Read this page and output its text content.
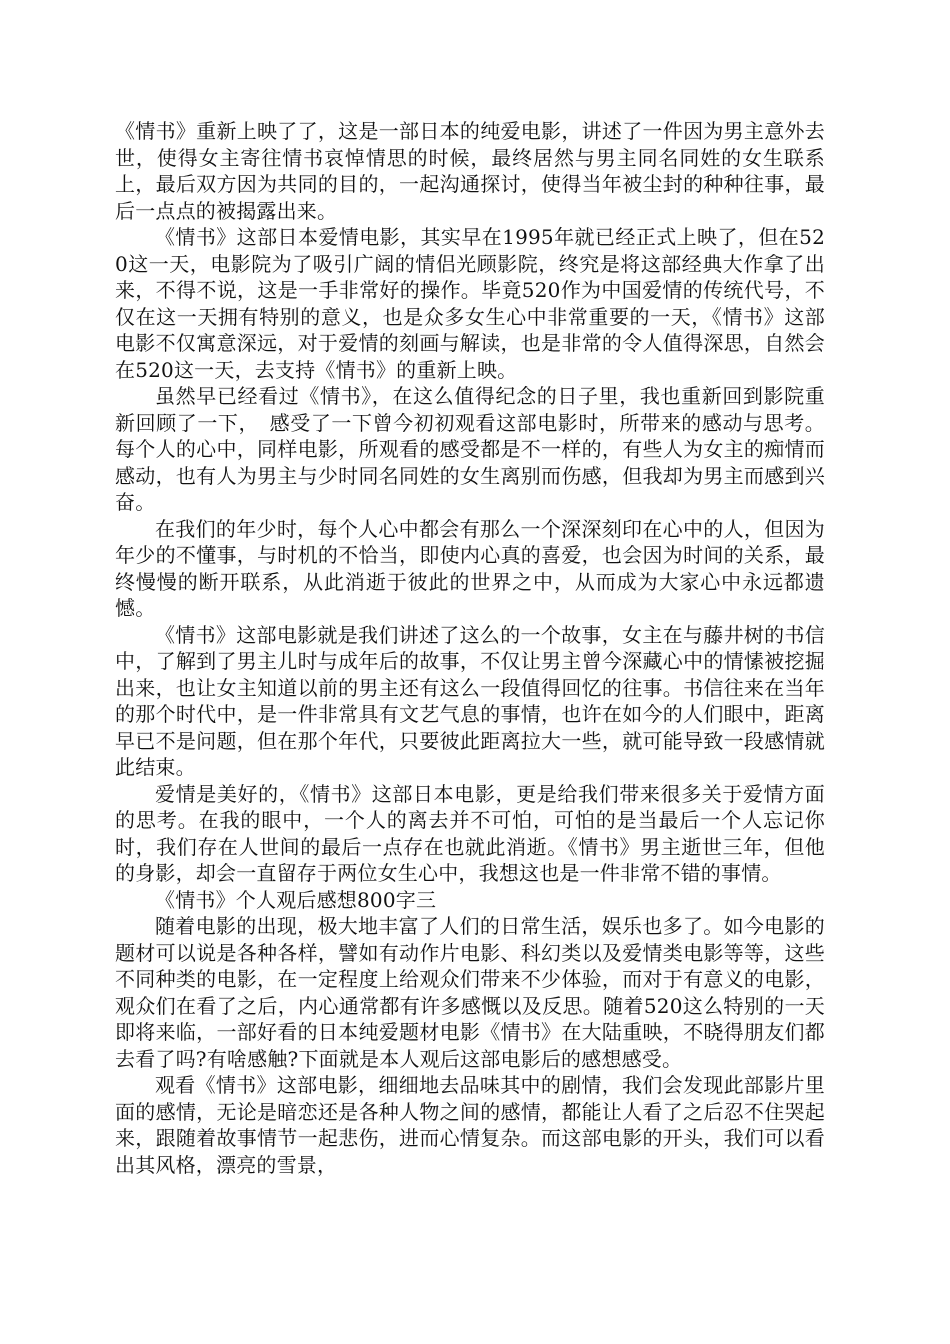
《情书》重新上映了了，这是一部日本的纯爱电影，讲述了一件因为男主意外去世，使得女主寄往情书哀悼情思的时候，最终居然与男主同名同姓的女生联系上，最后双方因为共同的目的，一起沟通探讨，使得当年被尘封的种种往事，最后一点点的被揭露出来。

《情书》这部日本爱情电影，其实早在1995年就已经正式上映了，但在520这一天，电影院为了吸引广阔的情侣光顾影院，终究是将这部经典大作拿了出来，不得不说，这是一手非常好的操作。毕竟520作为中国爱情的传统代号，不仅在这一天拥有特别的意义，也是众多女生心中非常重要的一天，《情书》这部电影不仅寓意深远，对于爱情的刻画与解读，也是非常的令人值得深思，自然会在520这一天，去支持《情书》的重新上映。

虽然早已经看过《情书》，在这么值得纪念的日子里，我也重新回到影院重新回顾了一下，　感受了一下曾今初初观看这部电影时，所带来的感动与思考。每个人的心中，同样电影，所观看的感受都是不一样的，有些人为女主的痴情而感动，也有人为男主与少时同名同姓的女生离别而伤感，但我却为男主而感到兴奋。

在我们的年少时，每个人心中都会有那么一个深深刻印在心中的人，但因为年少的不懂事，与时机的不恰当，即使内心真的喜爱，也会因为时间的关系，最终慢慢的断开联系，从此消逝于彼此的世界之中，从而成为大家心中永远都遗憾。

《情书》这部电影就是我们讲述了这么的一个故事，女主在与藤井树的书信中，了解到了男主儿时与成年后的故事，不仅让男主曾今深藏心中的情愫被挖掘出来，也让女主知道以前的男主还有这么一段值得回忆的往事。书信往来在当年的那个时代中，是一件非常具有文艺气息的事情，也许在如今的人们眼中，距离早已不是问题，但在那个年代，只要彼此距离拉大一些，就可能导致一段感情就此结束。

爱情是美好的，《情书》这部日本电影，更是给我们带来很多关于爱情方面的思考。在我的眼中，一个人的离去并不可怕，可怕的是当最后一个人忘记你时，我们存在人世间的最后一点存在也就此消逝。《情书》男主逝世三年，但他的身影，却会一直留存于两位女生心中，我想这也是一件非常不错的事情。

《情书》个人观后感想800字三

随着电影的出现，极大地丰富了人们的日常生活，娱乐也多了。如今电影的题材可以说是各种各样，譬如有动作片电影、科幻类以及爱情类电影等等，这些不同种类的电影，在一定程度上给观众们带来不少体验，而对于有意义的电影，观众们在看了之后，内心通常都有许多感慨以及反思。随着520这么特别的一天即将来临，一部好看的日本纯爱题材电影《情书》在大陆重映，不晓得朋友们都去看了吗?有啥感触?下面就是本人观后这部电影后的感想感受。

观看《情书》这部电影，细细地去品味其中的剧情，我们会发现此部影片里面的感情，无论是暗恋还是各种人物之间的感情，都能让人看了之后忍不住哭起来，跟随着故事情节一起悲伤，进而心情复杂。而这部电影的开头，我们可以看出其风格，漂亮的雪景，
